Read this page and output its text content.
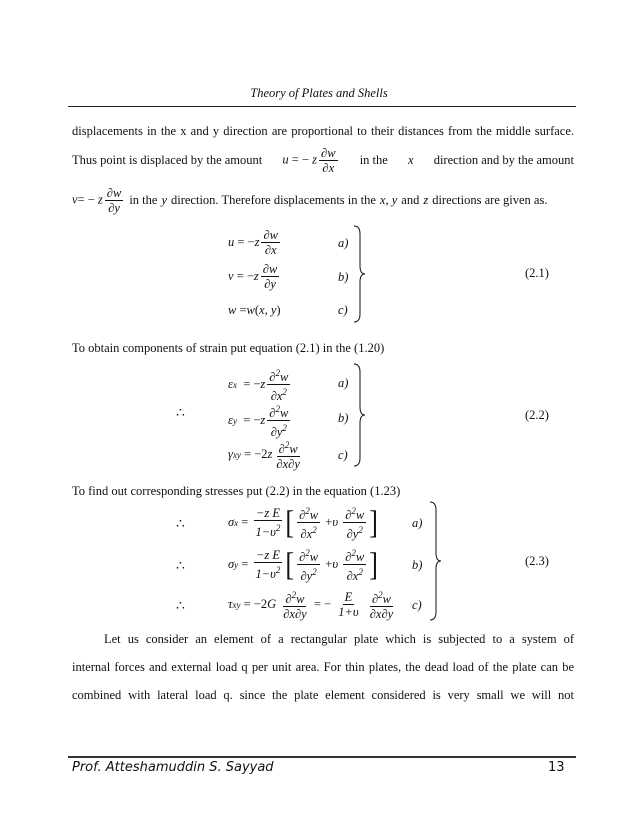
Theory of Plates and Shells
displacements in the x and y direction are proportional to their distances from the middle surface.
Thus point is displaced by the amount u = − z $\frac{\partial w}{\partial x}$ in the x direction and by the amount
v= − z $\frac{\partial w}{\partial y}$ in the y direction. Therefore displacements in the x, y and z directions are given as.
u = − z $\frac{\partial w}{\partial x}$	a)
v = − z $\frac{\partial w}{\partial y}$	b)
w = w ( x, y )	c)
(2.1)
To obtain components of strain put equation (2.1) in the (1.20)
ε x = − z $\frac{\partial^2w}{\partial x^2}$	a)
∴	ε y = − z $\frac{\partial^2w}{\partial y^2}$	b)
γ xy = −2 z $\frac{\partial^2w}{\partial x\partial y}$	c)
(2.2)
To find out corresponding stresses put (2.2) in the equation (1.23)
∴	σ $x = \frac{\text{−z E}}{1-\upsilon^2}$ [ $\frac{\partial^2w}{\partial x^2} + \upsilon$
$\frac{\partial^2w}{\partial y^2}$ ]	a)
∴	σ $y = \frac{\text{−z E}}{1-\upsilon^2}$ [ $\frac{\partial^2w}{\partial y^2} + \upsilon$
$\frac{\partial^2w}{\partial x^2}$ ]	b)
∴	τ xy = −2 G
$\frac{\partial^2w}{\partial x\partial y}$ = − $\frac{E}{1+\upsilon}$
$\frac{\partial^2w}{\partial x\partial y} c$)
(2.3)
Let us consider an element of a rectangular plate which is subjected to a system of
internal forces and external load q per unit area. For thin plates, the dead load of the plate can be
combined with lateral load q. since the plate element considered is very small we will not
Prof. Atteshamuddin S. Sayyad	13
